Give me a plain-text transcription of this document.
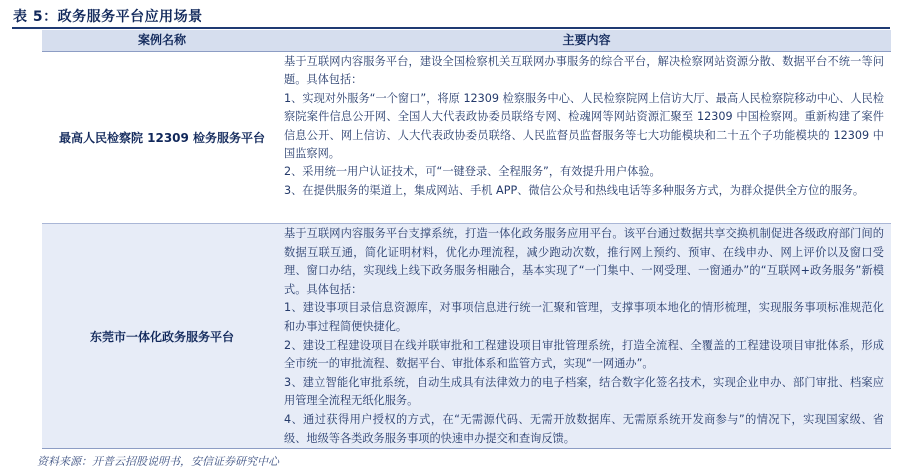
表 5：政务服务平台应用场景
案例名称	主要内容
最高人民检察院 12309 检务服务平台

基于互联网内容服务平台，建设全国检察机关互联网办事服务的综合平台，解决检察网站资源分散、数据平台不统一等问题。具体包括：

1、实现对外服务“一个窗口”，将原 12309 检察服务中心、人民检察院网上信访大厅、最高人民检察院移动中心、人民检察院案件信息公开网、全国人大代表政协委员联络专网、检魂网等网站资源汇聚至 12309 中国检察网。重新构建了案件信息公开、网上信访、人大代表政协委员联络、人民监督员监督服务等七大功能模块和二十五个子功能模块的 12309 中国监察网。

2、采用统一用户认证技术，可“一键登录、全程服务”，有效提升用户体验。

3、在提供服务的渠道上，集成网站、手机 APP、微信公众号和热线电话等多种服务方式，为群众提供全方位的服务。

东莞市一体化政务服务平台

基于互联网内容服务平台支撑系统，打造一体化政务服务应用平台。该平台通过数据共享交换机制促进各级政府部门间的数据互联互通，简化证明材料，优化办理流程，减少跑动次数，推行网上预约、预审、在线申办、网上评价以及窗口受理、窗口办结，实现线上线下政务服务相融合，基本实现了“一门集中、一网受理、一窗通办”的“互联网+政务服务”新模式。具体包括：

1、建设事项目录信息资源库，对事项信息进行统一汇聚和管理，支撑事项本地化的情形梳理，实现服务事项标准规范化和办事过程简便快捷化。

2、建设工程建设项目在线并联审批和工程建设项目审批管理系统，打造全流程、全覆盖的工程建设项目审批体系，形成全市统一的审批流程、数据平台、审批体系和监管方式，实现“一网通办”。

3、建立智能化审批系统，自动生成具有法律效力的电子档案，结合数字化签名技术，实现企业申办、部门审批、档案应用管理全流程无纸化服务。

4、通过获得用户授权的方式，在“无需源代码、无需开放数据库、无需原系统开发商参与”的情况下，实现国家级、省级、地级等各类政务服务事项的快速申办提交和查询反馈。

资料来源：开普云招股说明书，安信证券研究中心
